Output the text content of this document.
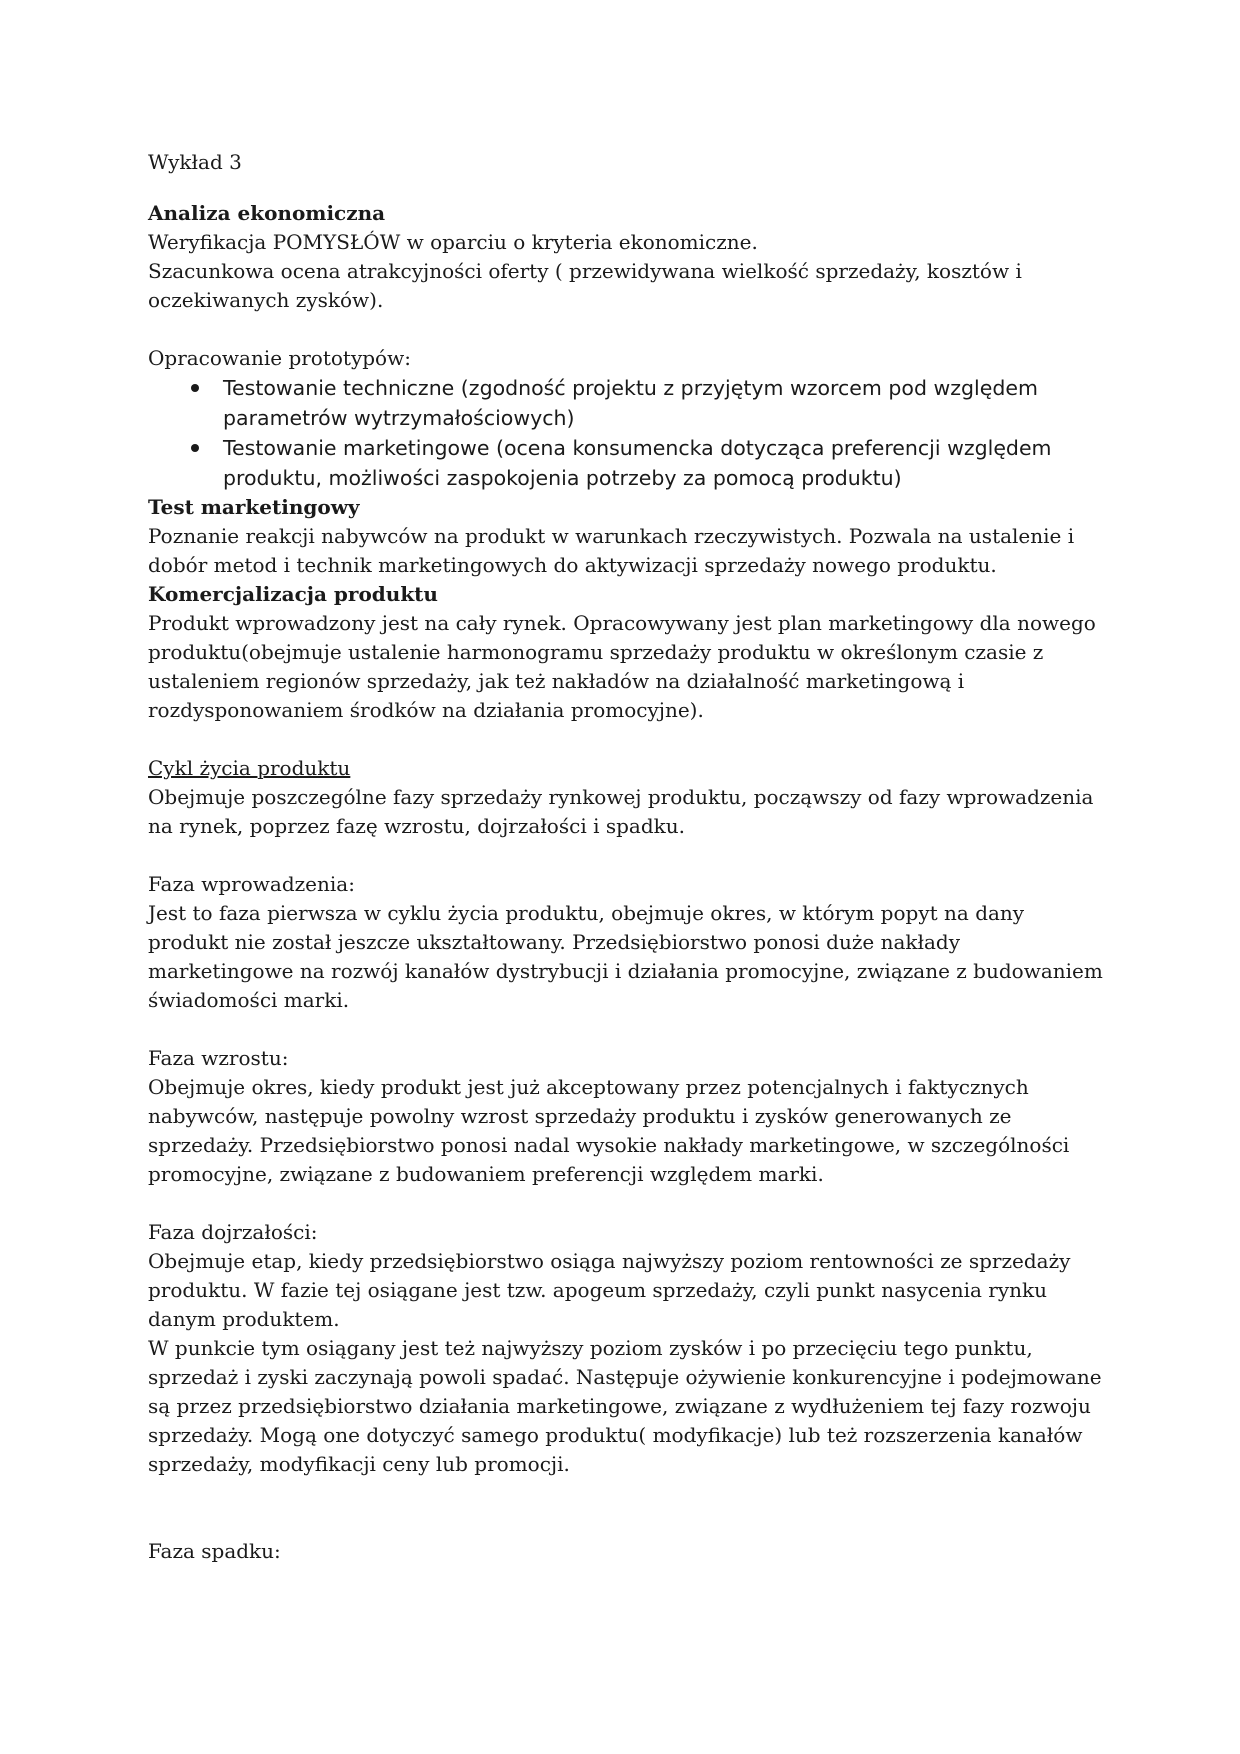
Wykład 3

Analiza ekonomiczna

Weryfikacja POMYSŁÓW w oparciu o kryteria ekonomiczne.

Szacunkowa ocena atrakcyjności oferty ( przewidywana wielkość sprzedaży, kosztów i oczekiwanych zysków).

Opracowanie prototypów:

Testowanie techniczne (zgodność projektu z przyjętym wzorcem pod względem parametrów wytrzymałościowych)
Testowanie marketingowe (ocena konsumencka dotycząca preferencji względem produktu, możliwości zaspokojenia potrzeby za pomocą produktu)

Test marketingowy

Poznanie reakcji nabywców na produkt w warunkach rzeczywistych. Pozwala na ustalenie i dobór metod i technik marketingowych do aktywizacji sprzedaży nowego produktu.

Komercjalizacja produktu

Produkt wprowadzony jest na cały rynek. Opracowywany jest plan marketingowy dla nowego produktu(obejmuje ustalenie harmonogramu sprzedaży produktu w określonym czasie z ustaleniem regionów sprzedaży, jak też nakładów na działalność marketingową i rozdysponowaniem środków na działania promocyjne).

Cykl życia produktu

Obejmuje poszczególne fazy sprzedaży rynkowej produktu, począwszy od fazy wprowadzenia na rynek, poprzez fazę wzrostu, dojrzałości i spadku.

Faza wprowadzenia:

Jest to faza pierwsza w cyklu życia produktu, obejmuje okres, w którym popyt na dany produkt nie został jeszcze ukształtowany. Przedsiębiorstwo ponosi duże nakłady marketingowe na rozwój kanałów dystrybucji i działania promocyjne, związane z budowaniem świadomości marki.

Faza wzrostu:

Obejmuje okres, kiedy produkt jest już akceptowany przez potencjalnych i faktycznych nabywców, następuje powolny wzrost sprzedaży produktu i zysków generowanych ze sprzedaży. Przedsiębiorstwo ponosi nadal wysokie nakłady marketingowe, w szczególności promocyjne, związane z budowaniem preferencji względem marki.

Faza dojrzałości:

Obejmuje etap, kiedy przedsiębiorstwo osiąga najwyższy poziom rentowności ze sprzedaży produktu. W fazie tej osiągane jest tzw. apogeum sprzedaży, czyli punkt nasycenia rynku danym produktem.

W punkcie tym osiągany jest też najwyższy poziom zysków i po przecięciu tego punktu, sprzedaż i zyski zaczynają powoli spadać. Następuje ożywienie konkurencyjne i podejmowane są przez przedsiębiorstwo działania marketingowe, związane z wydłużeniem tej fazy rozwoju sprzedaży. Mogą one dotyczyć samego produktu( modyfikacje) lub też rozszerzenia kanałów sprzedaży, modyfikacji ceny lub promocji.

Faza spadku:
